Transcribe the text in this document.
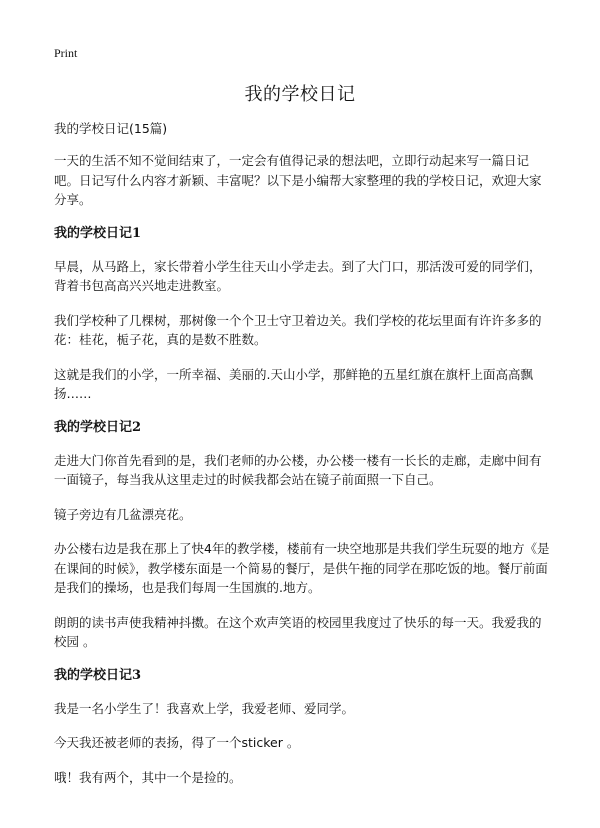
Print
我的学校日记
我的学校日记(15篇)

一天的生活不知不觉间结束了，一定会有值得记录的想法吧，立即行动起来写一篇日记吧。日记写什么内容才新颖、丰富呢？以下是小编帮大家整理的我的学校日记，欢迎大家分享。

我的学校日记1

早晨，从马路上，家长带着小学生往天山小学走去。到了大门口，那活泼可爱的同学们，背着书包高高兴兴地走进教室。

我们学校种了几棵树，那树像一个个卫士守卫着边关。我们学校的花坛里面有许许多多的花：桂花，栀子花，真的是数不胜数。

这就是我们的小学，一所幸福、美丽的.天山小学，那鲜艳的五星红旗在旗杆上面高高飘扬……

我的学校日记2

走进大门你首先看到的是，我们老师的办公楼，办公楼一楼有一长长的走廊，走廊中间有一面镜子，每当我从这里走过的时候我都会站在镜子前面照一下自己。

镜子旁边有几盆漂亮花。

办公楼右边是我在那上了快4年的教学楼，楼前有一块空地那是共我们学生玩耍的地方《是在课间的时候》，教学楼东面是一个简易的餐厅，是供午拖的同学在那吃饭的地。餐厅前面是我们的操场，也是我们每周一生国旗的.地方。

朗朗的读书声使我精神抖擞。在这个欢声笑语的校园里我度过了快乐的每一天。我爱我的校园 。

我的学校日记3

我是一名小学生了！我喜欢上学，我爱老师、爱同学。

今天我还被老师的表扬，得了一个sticker 。

哦！我有两个，其中一个是捡的。
